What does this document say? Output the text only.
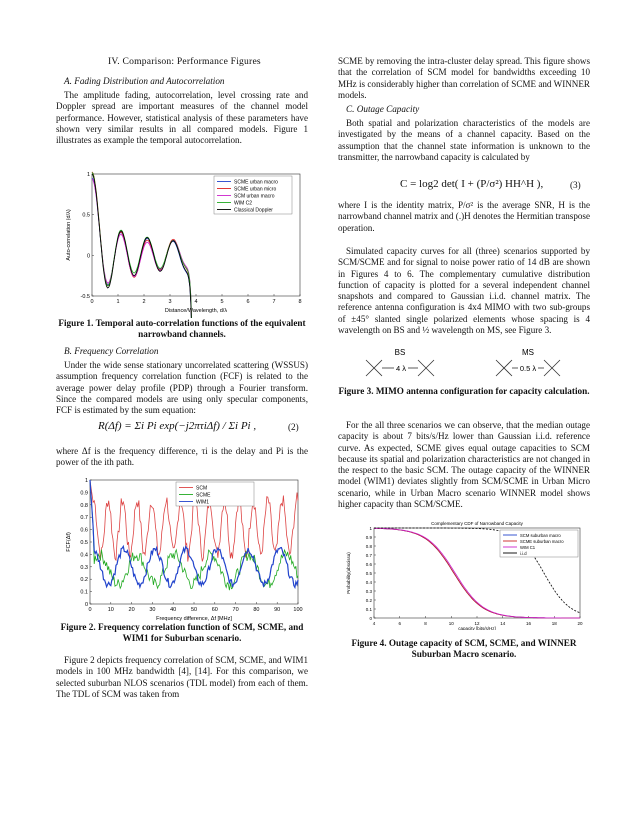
IV. Comparison: Performance Figures
A. Fading Distribution and Autocorrelation

The amplitude fading, autocorrelation, level crossing rate and Doppler spread are important measures of the channel model performance. However, statistical analysis of these parameters have shown very similar results in all compared models. Figure 1 illustrates as example the temporal autocorrelation.

0	1	2	3	4	5	6	7	8
-0.5
0
0.5
1
Distance/Wavelength, d/λ
Auto-correlation (d/λ)
SCME urban macro
SCME urban micro
SCM urban macro
WIM C2
Classical Doppler
Figure 1. Temporal auto-correlation functions of the equivalent narrowband channels.
B. Frequency Correlation

Under the wide sense stationary uncorrelated scattering (WSSUS) assumption frequency correlation function (FCF) is related to the average power delay profile (PDP) through a Fourier transform. Since the compared models are using only specular components, FCF is estimated by the sum equation:

R(Δf) = Σi Pi exp(−j2πτiΔf) / Σi Pi ,	(2)

where Δf is the frequency difference, τi is the delay and Pi is the power of the ith path.

0	10	20	30	40	50	60	70	80	90 100
0
0.1
0.2
0.3
0.4
0.5
0.6
0.7
0.8
0.9
1
Frequency difference, Δf [MHz]
FCF(Δf)
SCM
SCME
WIM1
Figure 2. Frequency correlation function of SCM, SCME, and WIM1 for Suburban scenario.

Figure 2 depicts frequency correlation of SCM, SCME, and WIM1 models in 100 MHz bandwidth [4], [14]. For this comparison, we selected suburban NLOS scenarios (TDL model) from each of them. The TDL of SCM was taken from

SCME by removing the intra-cluster delay spread. This figure shows that the correlation of SCM model for bandwidths exceeding 10 MHz is considerably higher than correlation of SCME and WINNER models.

C. Outage Capacity

Both spatial and polarization characteristics of the models are investigated by the means of a channel capacity. Based on the assumption that the channel state information is unknown to the transmitter, the narrowband capacity is calculated by

C = log2 det( I + (P/σ²) HH^H ),	(3)

where I is the identity matrix, P/σ² is the average SNR, H is the narrowband channel matrix and (.)H denotes the Hermitian transpose operation.

Simulated capacity curves for all (three) scenarios supported by SCM/SCME and for signal to noise power ratio of 14 dB are shown in Figures 4 to 6. The complementary cumulative distribution function of capacity is plotted for a several independent channel snapshots and compared to Gaussian i.i.d. channel matrix. The reference antenna configuration is 4x4 MIMO with two sub-groups of ±45° slanted single polarized elements whose spacing is 4 wavelength on BS and ½ wavelength on MS, see Figure 3.

BS	MS
4 λ	0.5 λ
Figure 3. MIMO antenna configuration for capacity calculation.

For the all three scenarios we can observe, that the median outage capacity is about 7 bits/s/Hz lower than Gaussian i.i.d. reference curve. As expected, SCME gives equal outage capacities to SCM because its spatial and polarization characteristics are not changed in the respect to the basic SCM. The outage capacity of the WINNER model (WIM1) deviates slightly from SCM/SCME in Urban Micro scenario, while in Urban Macro scenario WINNER model shows higher capacity than SCM/SCME.

4	6	8	10	12	14	16	18	20
0
0.1
0.2
0.3
0.4
0.5
0.6
0.7
0.8
0.9
1
capacity [bits/s/Hz]
Probability(abscissa)
Complementary CDF of Narrowband Capacity
SCM suburban macro
SCME suburban macro
WIM C1
i.i.d
Figure 4. Outage capacity of SCM, SCME, and WINNER Suburban Macro scenario.
